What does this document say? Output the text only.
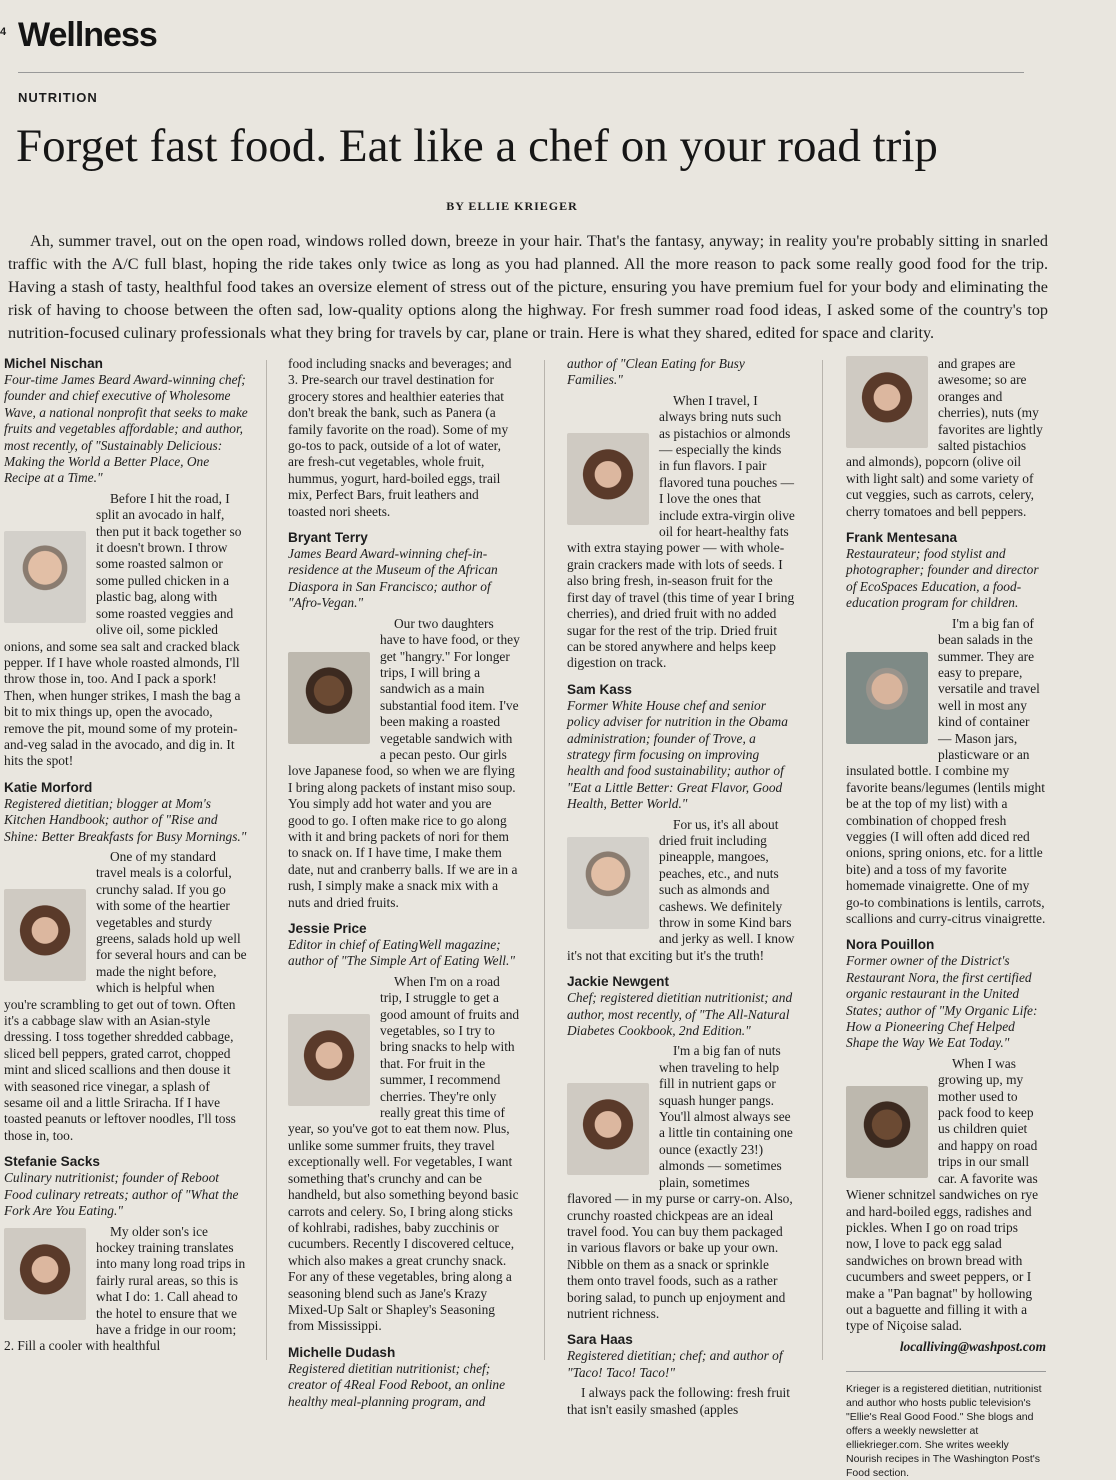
4 Wellness
NUTRITION
Forget fast food. Eat like a chef on your road trip
BY ELLIE KRIEGER
Ah, summer travel, out on the open road, windows rolled down, breeze in your hair. That's the fantasy, anyway; in reality you're probably sitting in snarled traffic with the A/C full blast, hoping the ride takes only twice as long as you had planned. All the more reason to pack some really good food for the trip. Having a stash of tasty, healthful food takes an oversize element of stress out of the picture, ensuring you have premium fuel for your body and eliminating the risk of having to choose between the often sad, low-quality options along the highway. For fresh summer road food ideas, I asked some of the country's top nutrition-focused culinary professionals what they bring for travels by car, plane or train. Here is what they shared, edited for space and clarity.
Michel Nischan
Four-time James Beard Award-winning chef; founder and chief executive of Wholesome Wave, a national nonprofit that seeks to make fruits and vegetables affordable; and author, most recently, of "Sustainably Delicious: Making the World a Better Place, One Recipe at a Time."

Before I hit the road, I split an avocado in half, then put it back together so it doesn't brown. I throw some roasted salmon or some pulled chicken in a plastic bag, along with some roasted veggies and olive oil, some pickled onions, and some sea salt and cracked black pepper. If I have whole roasted almonds, I'll throw those in, too. And I pack a spork! Then, when hunger strikes, I mash the bag a bit to mix things up, open the avocado, remove the pit, mound some of my protein-and-veg salad in the avocado, and dig in. It hits the spot!

Katie Morford
Registered dietitian; blogger at Mom's Kitchen Handbook; author of "Rise and Shine: Better Breakfasts for Busy Mornings."

One of my standard travel meals is a colorful, crunchy salad. If you go with some of the heartier vegetables and sturdy greens, salads hold up well for several hours and can be made the night before, which is helpful when you're scrambling to get out of town. Often it's a cabbage slaw with an Asian-style dressing. I toss together shredded cabbage, sliced bell peppers, grated carrot, chopped mint and sliced scallions and then douse it with seasoned rice vinegar, a splash of sesame oil and a little Sriracha. If I have toasted peanuts or leftover noodles, I'll toss those in, too.

Stefanie Sacks
Culinary nutritionist; founder of Reboot Food culinary retreats; author of "What the Fork Are You Eating."

My older son's ice hockey training translates into many long road trips in fairly rural areas, so this is what I do: 1. Call ahead to the hotel to ensure that we have a fridge in our room; 2. Fill a cooler with healthful

food including snacks and beverages; and 3. Pre-search our travel destination for grocery stores and healthier eateries that don't break the bank, such as Panera (a family favorite on the road). Some of my go-tos to pack, outside of a lot of water, are fresh-cut vegetables, whole fruit, hummus, yogurt, hard-boiled eggs, trail mix, Perfect Bars, fruit leathers and toasted nori sheets.

Bryant Terry
James Beard Award-winning chef-in-residence at the Museum of the African Diaspora in San Francisco; author of "Afro-Vegan."

Our two daughters have to have food, or they get "hangry." For longer trips, I will bring a sandwich as a main substantial food item. I've been making a roasted vegetable sandwich with a pecan pesto. Our girls love Japanese food, so when we are flying I bring along packets of instant miso soup. You simply add hot water and you are good to go. I often make rice to go along with it and bring packets of nori for them to snack on. If I have time, I make them date, nut and cranberry balls. If we are in a rush, I simply make a snack mix with a nuts and dried fruits.

Jessie Price
Editor in chief of EatingWell magazine; author of "The Simple Art of Eating Well."

When I'm on a road trip, I struggle to get a good amount of fruits and vegetables, so I try to bring snacks to help with that. For fruit in the summer, I recommend cherries. They're only really great this time of year, so you've got to eat them now. Plus, unlike some summer fruits, they travel exceptionally well. For vegetables, I want something that's crunchy and can be handheld, but also something beyond basic carrots and celery. So, I bring along sticks of kohlrabi, radishes, baby zucchinis or cucumbers. Recently I discovered celtuce, which also makes a great crunchy snack. For any of these vegetables, bring along a seasoning blend such as Jane's Krazy Mixed-Up Salt or Shapley's Seasoning from Mississippi.

Michelle Dudash
Registered dietitian nutritionist; chef; creator of 4Real Food Reboot, an online healthy meal-planning program, and
author of "Clean Eating for Busy Families."

When I travel, I always bring nuts such as pistachios or almonds — especially the kinds in fun flavors. I pair flavored tuna pouches — I love the ones that include extra-virgin olive oil for heart-healthy fats with extra staying power — with whole-grain crackers made with lots of seeds. I also bring fresh, in-season fruit for the first day of travel (this time of year I bring cherries), and dried fruit with no added sugar for the rest of the trip. Dried fruit can be stored anywhere and helps keep digestion on track.

Sam Kass
Former White House chef and senior policy adviser for nutrition in the Obama administration; founder of Trove, a strategy firm focusing on improving health and food sustainability; author of "Eat a Little Better: Great Flavor, Good Health, Better World."

For us, it's all about dried fruit including pineapple, mangoes, peaches, etc., and nuts such as almonds and cashews. We definitely throw in some Kind bars and jerky as well. I know it's not that exciting but it's the truth!

Jackie Newgent
Chef; registered dietitian nutritionist; and author, most recently, of "The All-Natural Diabetes Cookbook, 2nd Edition."

I'm a big fan of nuts when traveling to help fill in nutrient gaps or squash hunger pangs. You'll almost always see a little tin containing one ounce (exactly 23!) almonds — sometimes plain, sometimes flavored — in my purse or carry-on. Also, crunchy roasted chickpeas are an ideal travel food. You can buy them packaged in various flavors or bake up your own. Nibble on them as a snack or sprinkle them onto travel foods, such as a rather boring salad, to punch up enjoyment and nutrient richness.

Sara Haas
Registered dietitian; chef; and author of "Taco! Taco! Taco!"

I always pack the following: fresh fruit that isn't easily smashed (apples

and grapes are awesome; so are oranges and cherries), nuts (my favorites are lightly salted pistachios and almonds), popcorn (olive oil with light salt) and some variety of cut veggies, such as carrots, celery, cherry tomatoes and bell peppers.

Frank Mentesana
Restaurateur; food stylist and photographer; founder and director of EcoSpaces Education, a food-education program for children.

I'm a big fan of bean salads in the summer. They are easy to prepare, versatile and travel well in most any kind of container — Mason jars, plasticware or an insulated bottle. I combine my favorite beans/legumes (lentils might be at the top of my list) with a combination of chopped fresh veggies (I will often add diced red onions, spring onions, etc. for a little bite) and a toss of my favorite homemade vinaigrette. One of my go-to combinations is lentils, carrots, scallions and curry-citrus vinaigrette.

Nora Pouillon
Former owner of the District's Restaurant Nora, the first certified organic restaurant in the United States; author of "My Organic Life: How a Pioneering Chef Helped Shape the Way We Eat Today."

When I was growing up, my mother used to pack food to keep us children quiet and happy on road trips in our small car. A favorite was Wiener schnitzel sandwiches on rye and hard-boiled eggs, radishes and pickles. When I go on road trips now, I love to pack egg salad sandwiches on brown bread with cucumbers and sweet peppers, or I make a "Pan bagnat" by hollowing out a baguette and filling it with a type of Niçoise salad.

localliving@washpost.com
Krieger is a registered dietitian, nutritionist and author who hosts public television's "Ellie's Real Good Food." She blogs and offers a weekly newsletter at elliekrieger.com. She writes weekly Nourish recipes in The Washington Post's Food section.
